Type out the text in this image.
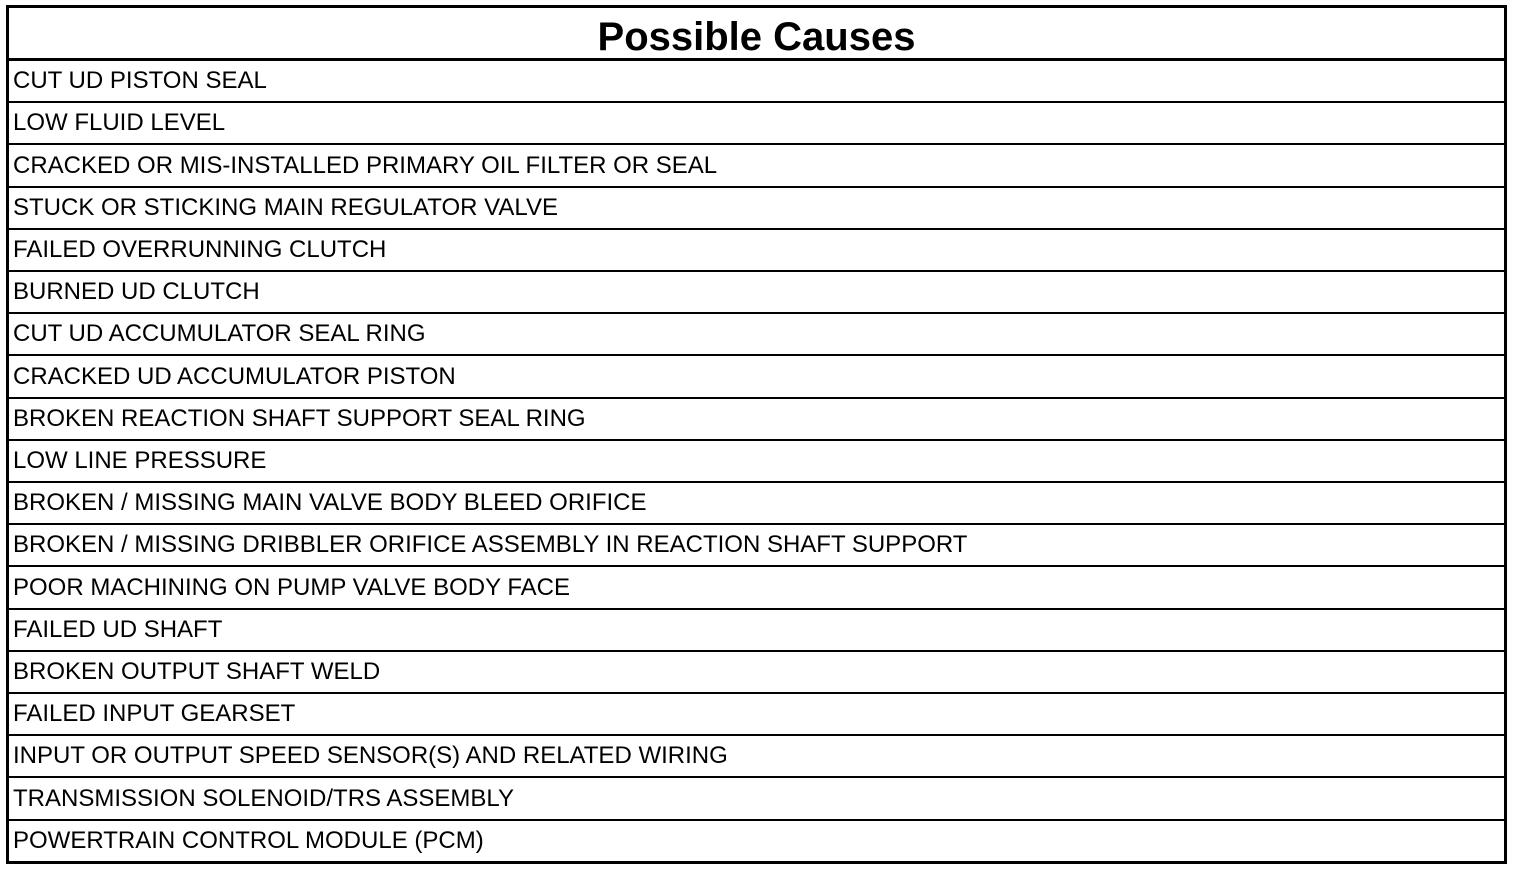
Possible Causes
CUT UD PISTON SEAL
LOW FLUID LEVEL
CRACKED OR MIS-INSTALLED PRIMARY OIL FILTER OR SEAL
STUCK OR STICKING MAIN REGULATOR VALVE
FAILED OVERRUNNING CLUTCH
BURNED UD CLUTCH
CUT UD ACCUMULATOR SEAL RING
CRACKED UD ACCUMULATOR PISTON
BROKEN REACTION SHAFT SUPPORT SEAL RING
LOW LINE PRESSURE
BROKEN / MISSING MAIN VALVE BODY BLEED ORIFICE
BROKEN / MISSING DRIBBLER ORIFICE ASSEMBLY IN REACTION SHAFT SUPPORT
POOR MACHINING ON PUMP VALVE BODY FACE
FAILED UD SHAFT
BROKEN OUTPUT SHAFT WELD
FAILED INPUT GEARSET
INPUT OR OUTPUT SPEED SENSOR(S) AND RELATED WIRING
TRANSMISSION SOLENOID/TRS ASSEMBLY
POWERTRAIN CONTROL MODULE (PCM)
